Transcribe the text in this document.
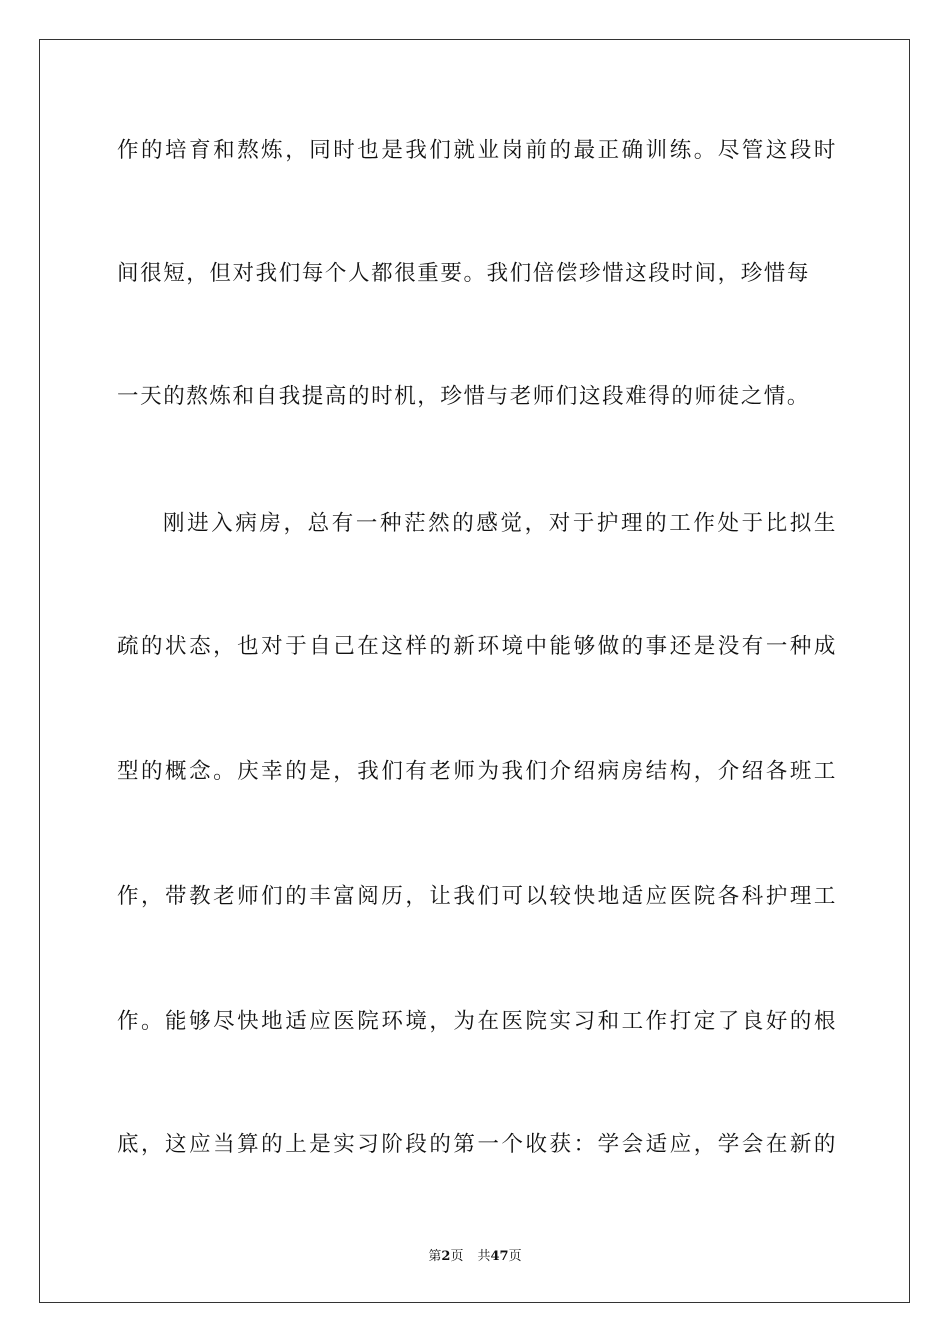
作的培育和熬炼，同时也是我们就业岗前的最正确训练。尽管这段时
间很短，但对我们每个人都很重要。我们倍偿珍惜这段时间，珍惜每
一天的熬炼和自我提高的时机，珍惜与老师们这段难得的师徒之情。
刚进入病房，总有一种茫然的感觉，对于护理的工作处于比拟生
疏的状态，也对于自己在这样的新环境中能够做的事还是没有一种成
型的概念。庆幸的是，我们有老师为我们介绍病房结构，介绍各班工
作，带教老师们的丰富阅历，让我们可以较快地适应医院各科护理工
作。能够尽快地适应医院环境，为在医院实习和工作打定了良好的根
底，这应当算的上是实习阶段的第一个收获：学会适应，学会在新的
第2页 共47页
